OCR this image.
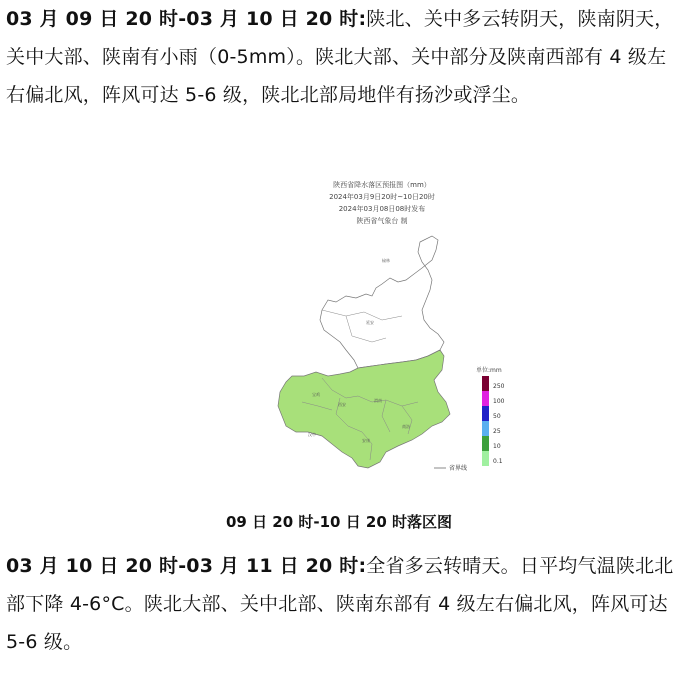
03 月 09 日 20 时-03 月 10 日 20 时:陕北、关中多云转阴天，陕南阴天，关中大部、陕南有小雨（0-5mm）。陕北大部、关中部分及陕南西部有 4 级左右偏北风，阵风可达 5-6 级，陕北北部局地伴有扬沙或浮尘。
陕西省降水落区预报图（mm）
2024年03月9日20时~10日20时
2024年03月08日08时发布
陕西省气象台 制
榆林
延安
宝鸡
西安
渭南
汉中
安康
商洛
单位:mm
250
100
50
25
10
0.1
省界线
09 日 20 时-10 日 20 时落区图
03 月 10 日 20 时-03 月 11 日 20 时:全省多云转晴天。日平均气温陕北北部下降 4-6°C。陕北大部、关中北部、陕南东部有 4 级左右偏北风，阵风可达 5-6 级。
